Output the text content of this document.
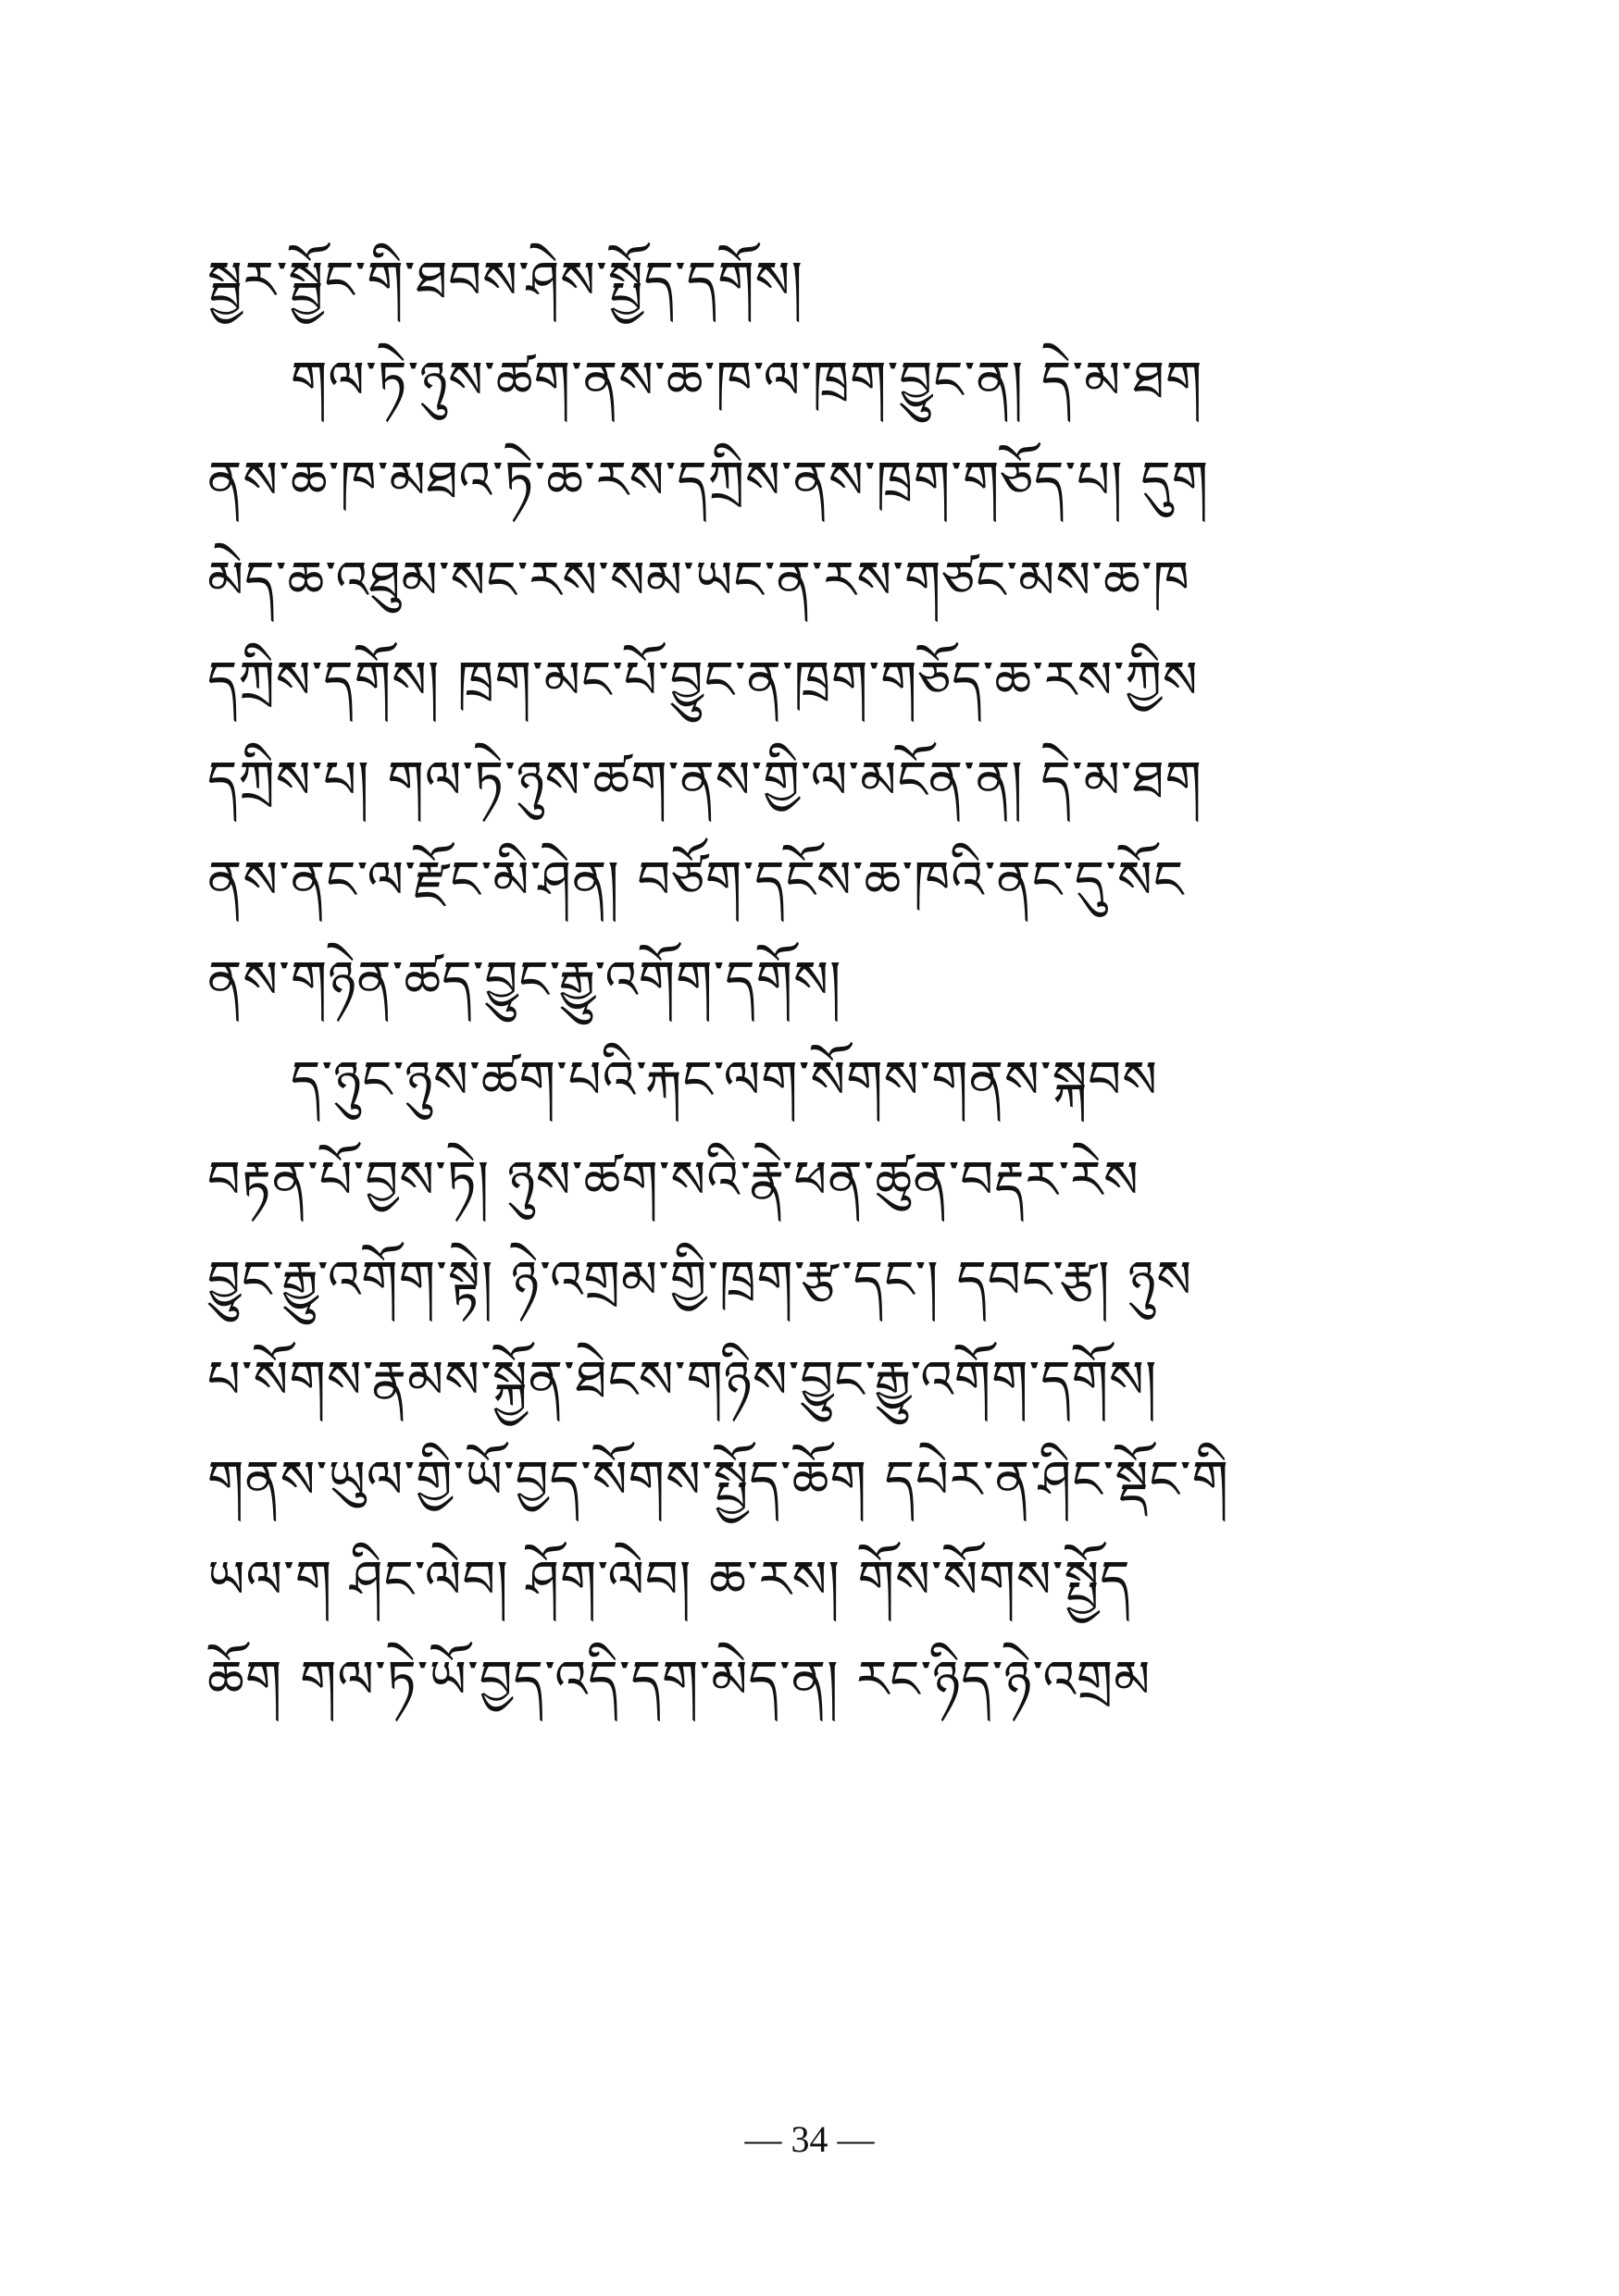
སྦྱར་སྦྱོང་གི་ཐབས་ཤེས་སྤྱོད་དགོས།
གལ་ཏེ་ཉུས་ཚག་ནས་ཆ་ཁ་ལ་ཁྲག་བྱུང་ན། དེ་མ་ཐག
ནས་ཆ་ཁ་མཐའ་ཏེ་ཆ་རས་དཀྲིས་ནས་ཁྲག་གཅོད་པ། དུག
མེད་ཆ་འཐུམ་སང་རས་སམ་ཡང་ན་རས་གཙང་མས་ཆ་ཁ
དཀྲིས་དགོས། ཁྲག་མང་པོ་བྱུང་ན་ཁྲག་གཅོད་ཆ་རས་ཀྱིས
དཀྲིས་པ། གལ་ཏེ་ཉུས་ཚག་ནས་གྱི་ལ་མངོན་ན། དེ་མ་ཐག
ནས་ནང་ལ་རྫོང་མི་ཤེན། བཙོག་དངོས་ཆ་ཁའི་ནང་དུ་སོང
ནས་གཉེན་ཚད་བྱུང་རྒྱུ་འགོག་དགོས།
ད་ཉུང་ཉུས་ཚག་པའི་རྐང་ལག་སོགས་གནས་སྐབས
བརྟན་པོ་བྱས་ཏེ། ཉུས་ཚག་སའི་རྣེ་ཕན་ཚུན་བརྡར་རེས
བྱུང་རྒྱུ་འགོག་སྟེ། ཉེ་འགྲམ་གྱི་ཁྲག་རྩ་དང་། དབང་རྩ། ཉུས
པ་སོགས་རྣམས་སྐྱོན་ཐེངས་གཉིས་བྱུང་རྒྱུ་འགོག་དགོས།
གནས་ཡུལ་གྱི་ཡོ་བྱད་སོགས་སྤྱོད་ཆོག དཔེར་ན་ཤིང་སྡོང་གི
ཡལ་ག ཤིང་ལེབ། ཤོག་ལེབ། ཆ་རས། གོས་སོགས་སྤྱོད
ཆོག གལ་ཏེ་ཡོ་བྱད་འདི་དག་མེད་ན། རང་ཉིད་ཉེ་འགྲམ
— 34 —
